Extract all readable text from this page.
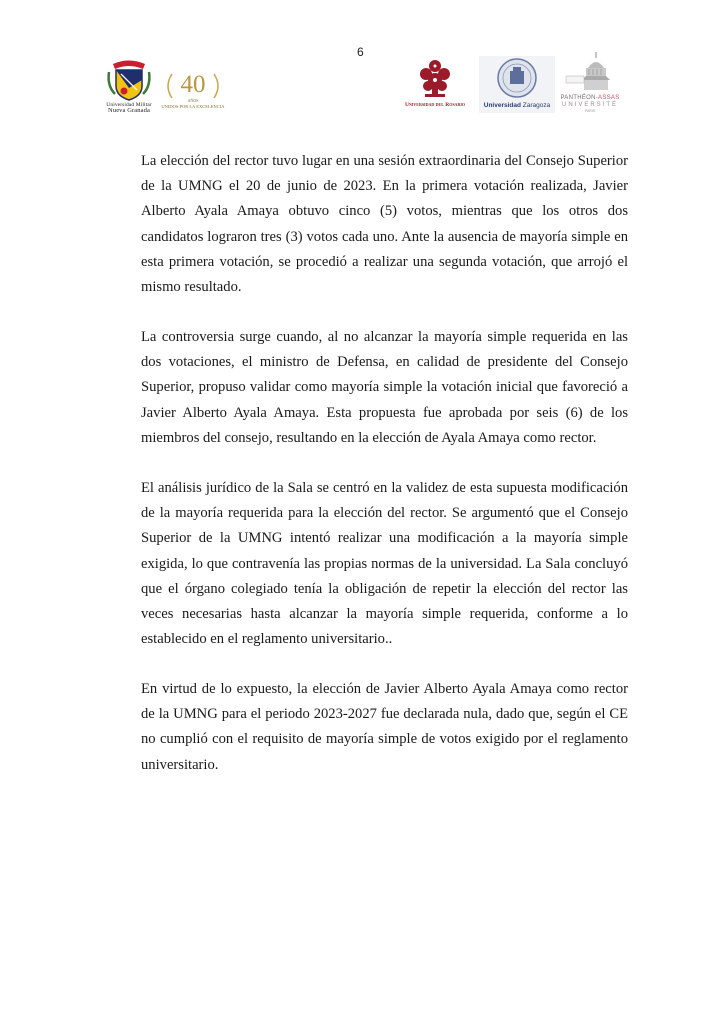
6
Universidad Militar
Nueva Granada
40
AÑOS
UNIDOS POR LA EXCELENCIA	Universidad del Rosario	Universidad Zaragoza
PANTHÉON-ASSAS
UNIVERSITÉ
PARIS

La elección del rector tuvo lugar en una sesión extraordinaria del Consejo Superior de la UMNG el 20 de junio de 2023. En la primera votación realizada, Javier Alberto Ayala Amaya obtuvo cinco (5) votos, mientras que los otros dos candidatos lograron tres (3) votos cada uno. Ante la ausencia de mayoría simple en esta primera votación, se procedió a realizar una segunda votación, que arrojó el mismo resultado.

La controversia surge cuando, al no alcanzar la mayoría simple requerida en las dos votaciones, el ministro de Defensa, en calidad de presidente del Consejo Superior, propuso validar como mayoría simple la votación inicial que favoreció a Javier Alberto Ayala Amaya. Esta propuesta fue aprobada por seis (6) de los miembros del consejo, resultando en la elección de Ayala Amaya como rector.

El análisis jurídico de la Sala se centró en la validez de esta supuesta modificación de la mayoría requerida para la elección del rector. Se argumentó que el Consejo Superior de la UMNG intentó realizar una modificación a la mayoría simple exigida, lo que contravenía las propias normas de la universidad. La Sala concluyó que el órgano colegiado tenía la obligación de repetir la elección del rector las veces necesarias hasta alcanzar la mayoría simple requerida, conforme a lo establecido en el reglamento universitario..

En virtud de lo expuesto, la elección de Javier Alberto Ayala Amaya como rector de la UMNG para el periodo 2023-2027 fue declarada nula, dado que, según el CE no cumplió con el requisito de mayoría simple de votos exigido por el reglamento universitario.
